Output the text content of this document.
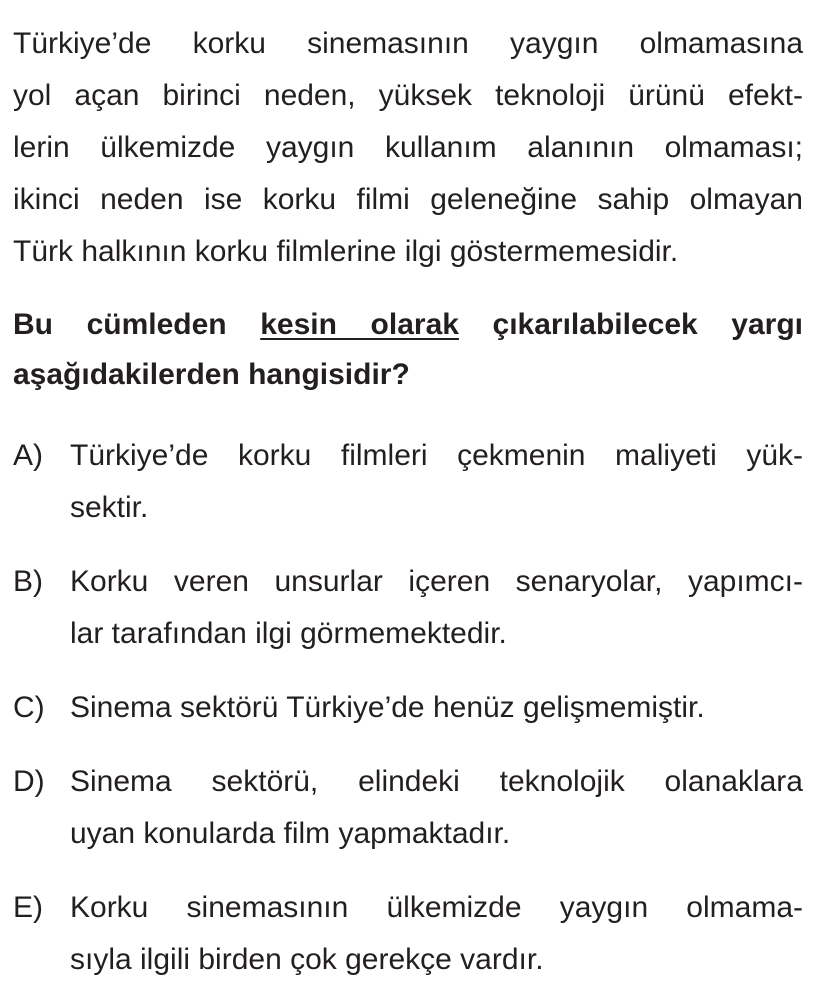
Türkiye’de korku sinemasının yaygın olmamasına
yol açan birinci neden, yüksek teknoloji ürünü efekt-
lerin ülkemizde yaygın kullanım alanının olmaması;
ikinci neden ise korku filmi geleneğine sahip olmayan
Türk halkının korku filmlerine ilgi göstermemesidir.
Bu cümleden kesin olarak çıkarılabilecek yargı
aşağıdakilerden hangisidir?
A) Türkiye’de korku filmleri çekmenin maliyeti yük-
sektir.
B) Korku veren unsurlar içeren senaryolar, yapımcı-
lar tarafından ilgi görmemektedir.
C) Sinema sektörü Türkiye’de henüz gelişmemiştir.
D) Sinema sektörü, elindeki teknolojik olanaklara
uyan konularda film yapmaktadır.
E) Korku sinemasının ülkemizde yaygın olmama-
sıyla ilgili birden çok gerekçe vardır.
